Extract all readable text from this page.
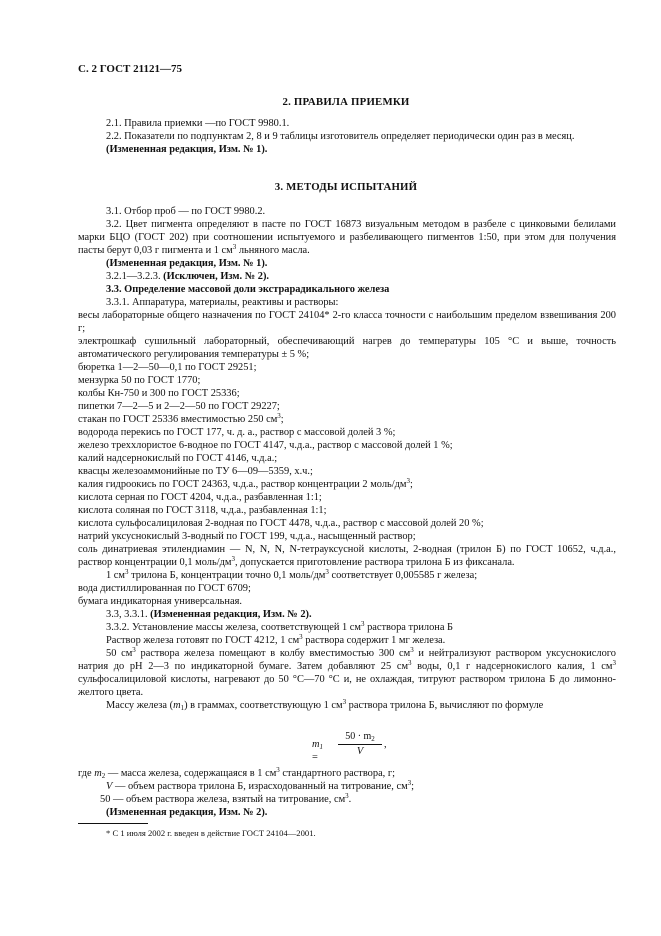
С. 2 ГОСТ 21121—75
2. ПРАВИЛА ПРИЕМКИ

2.1. Правила приемки —по ГОСТ 9980.1.

2.2. Показатели по подпунктам 2, 8 и 9 таблицы изготовитель определяет периодически один раз в месяц.

(Измененная редакция, Изм. № 1).

3. МЕТОДЫ ИСПЫТАНИЙ

3.1. Отбор проб — по ГОСТ 9980.2.

3.2. Цвет пигмента определяют в пасте по ГОСТ 16873 визуальным методом в разбеле с цинковыми белилами марки БЦО (ГОСТ 202) при соотношении испытуемого и разбеливающего пигментов 1:50, при этом для получения пасты берут 0,03 г пигмента и 1 $см^3$ льняного масла.

(Измененная редакция, Изм. № 1).

3.2.1—3.2.3. (Исключен, Изм. № 2).

3.3. Определение массовой доли экстрарадикального железа

3.3.1. Аппаратура, материалы, реактивы и растворы:

весы лабораторные общего назначения по ГОСТ 24104* 2-го класса точности с наибольшим пределом взвешивания 200 г;

электрошкаф сушильный лабораторный, обеспечивающий нагрев до температуры 105 °С и выше, точность автоматического регулирования температуры ± 5 %;

бюретка 1—2—50—0,1 по ГОСТ 29251;

мензурка 50 по ГОСТ 1770;

колбы Кн-750 и 300 по ГОСТ 25336;

пипетки 7—2—5 и 2—2—50 по ГОСТ 29227;

стакан по ГОСТ 25336 вместимостью 250 $см^3$;

водорода перекись по ГОСТ 177, ч. д. а., раствор с массовой долей 3 %;

железо треххлористое 6-водное по ГОСТ 4147, ч.д.а., раствор с массовой долей 1 %;

калий надсернокислый по ГОСТ 4146, ч.д.а.;

квасцы железоаммонийные по ТУ 6—09—5359, х.ч.;

калия гидроокись по ГОСТ 24363, ч.д.а., раствор концентрации 2 моль/$дм^3$;

кислота серная по ГОСТ 4204, ч.д.а., разбавленная 1:1;

кислота соляная по ГОСТ 3118, ч.д.а., разбавленная 1:1;

кислота сульфосалициловая 2-водная по ГОСТ 4478, ч.д.а., раствор с массовой долей 20 %;

натрий уксуснокислый 3-водный по ГОСТ 199, ч.д.а., насыщенный раствор;

соль динатриевая этилендиамин — N, N, N, N-тетрауксусной кислоты, 2-водная (трилон Б) по ГОСТ 10652, ч.д.а., раствор концентрации 0,1 моль/$дм^3$, допускается приготовление раствора трилона Б из фиксанала.

1 $см^3$ трилона Б, концентрации точно 0,1 моль/$дм^3$ соответствует 0,005585 г железа;

вода дистиллированная по ГОСТ 6709;

бумага индикаторная универсальная.

3.3, 3.3.1. (Измененная редакция, Изм. № 2).

3.3.2. Установление массы железа, соответствующей 1 $см^3$ раствора трилона Б

Раствор железа готовят по ГОСТ 4212, 1 $см^3$ раствора содержит 1 мг железа.

50 $см^3$ раствора железа помещают в колбу вместимостью 300 $см^3$ и нейтрализуют раствором уксуснокислого натрия до рН 2—3 по индикаторной бумаге. Затем добавляют 25 $см^3$ воды, 0,1 г надсернокислого калия, 1 $см^3$ сульфосалициловой кислоты, нагревают до 50 °С—70 °С и, не охлаждая, титруют раствором трилона Б до лимонно-желтого цвета.

Массу железа $(m_1)$ в граммах, соответствующую 1 $см^3$ раствора трилона Б, вычисляют по формуле

$m_1$ =	$\frac{50 \cdot m_2}{V}$ ,

где $m_2$ — масса железа, содержащаяся в 1 $см^3$ стандартного раствора, г;

V — объем раствора трилона Б, израсходованный на титрование, $см^3$;

50 — объем раствора железа, взятый на титрование, $см^3$.

(Измененная редакция, Изм. № 2).

* С 1 июля 2002 г. введен в действие ГОСТ 24104—2001.
